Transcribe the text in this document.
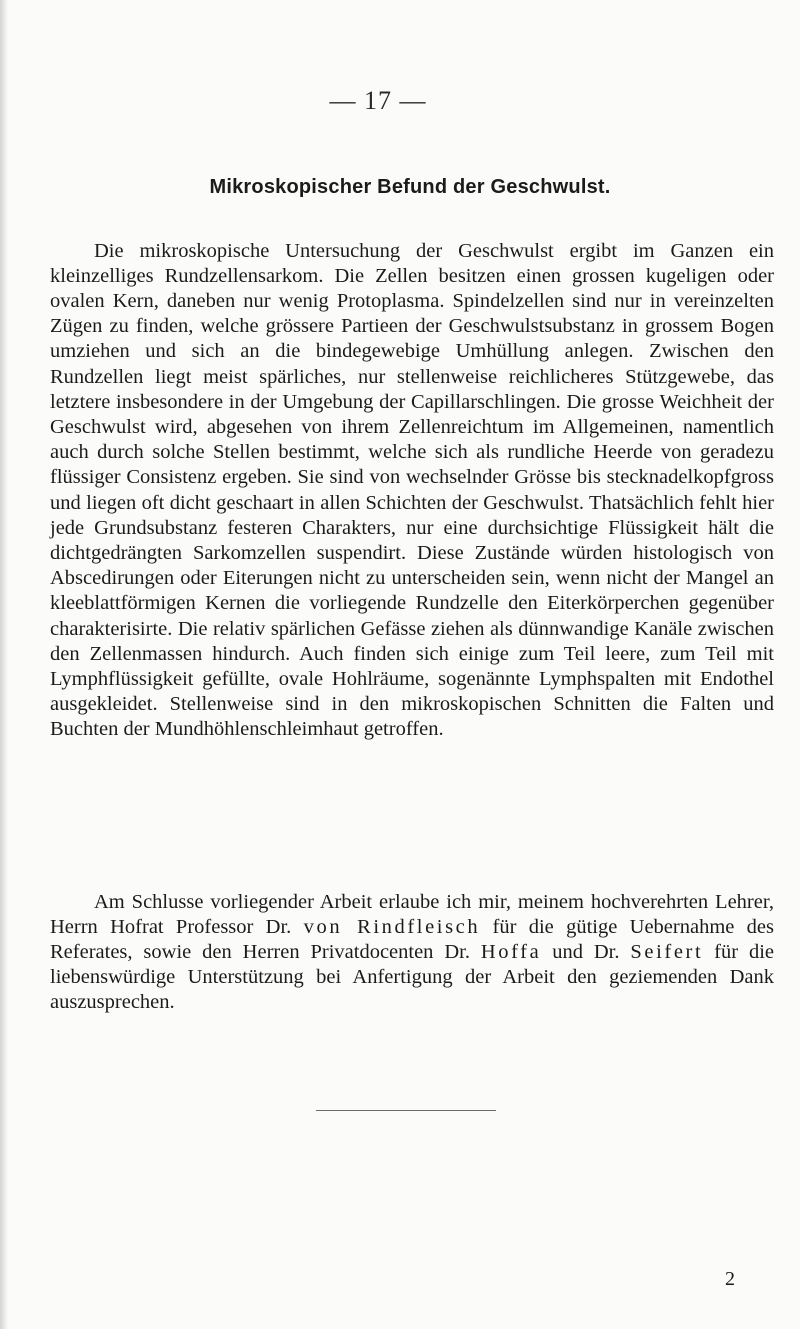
— 17 —
Mikroskopischer Befund der Geschwulst.

Die mikroskopische Untersuchung der Geschwulst ergibt im Ganzen ein kleinzelliges Rundzellensarkom. Die Zellen besitzen einen grossen kugeligen oder ovalen Kern, daneben nur wenig Protoplasma. Spindelzellen sind nur in vereinzelten Zügen zu finden, welche grössere Partieen der Geschwulstsubstanz in grossem Bogen umziehen und sich an die bindegewebige Umhüllung anlegen. Zwischen den Rundzellen liegt meist spärliches, nur stellenweise reichlicheres Stützgewebe, das letztere insbesondere in der Umgebung der Capillarschlingen. Die grosse Weichheit der Geschwulst wird, abgesehen von ihrem Zellenreichtum im Allgemeinen, namentlich auch durch solche Stellen bestimmt, welche sich als rundliche Heerde von geradezu flüssiger Consistenz ergeben. Sie sind von wechselnder Grösse bis stecknadelkopfgross und liegen oft dicht geschaart in allen Schichten der Geschwulst. Thatsächlich fehlt hier jede Grundsubstanz festeren Charakters, nur eine durchsichtige Flüssigkeit hält die dichtgedrängten Sarkomzellen suspendirt. Diese Zustände würden histologisch von Abscedirungen oder Eiterungen nicht zu unterscheiden sein, wenn nicht der Mangel an kleeblattförmigen Kernen die vorliegende Rundzelle den Eiterkörperchen gegenüber charakterisirte. Die relativ spärlichen Gefässe ziehen als dünnwandige Kanäle zwischen den Zellenmassen hindurch. Auch finden sich einige zum Teil leere, zum Teil mit Lymphflüssigkeit gefüllte, ovale Hohlräume, sogenännte Lymphspalten mit Endothel ausgekleidet. Stellenweise sind in den mikroskopischen Schnitten die Falten und Buchten der Mundhöhlenschleimhaut getroffen.

Am Schlusse vorliegender Arbeit erlaube ich mir, meinem hochverehrten Lehrer, Herrn Hofrat Professor Dr. von Rindfleisch für die gütige Uebernahme des Referates, sowie den Herren Privatdocenten Dr. Hoffa und Dr. Seifert für die liebenswürdige Unterstützung bei Anfertigung der Arbeit den geziemenden Dank auszusprechen.

2
